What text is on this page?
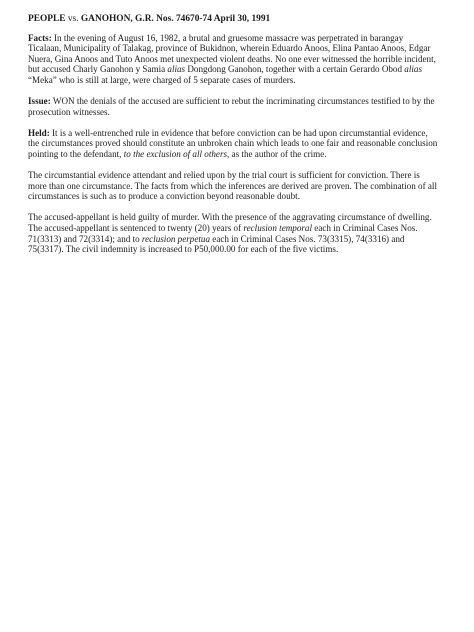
PEOPLE vs. GANOHON, G.R. Nos. 74670-74 April 30, 1991

Facts: In the evening of August 16, 1982, a brutal and gruesome massacre was perpetrated in barangay Ticalaan, Municipality of Talakag, province of Bukidnon, wherein Eduardo Anoos, Elina Pantao Anoos, Edgar Nuera, Gina Anoos and Tuto Anoos met unexpected violent deaths. No one ever witnessed the horrible incident, but accused Charly Ganohon y Samia alias Dongdong Ganohon, together with a certain Gerardo Obod alias “Meka” who is still at large, were charged of 5 separate cases of murders.

Issue: WON the denials of the accused are sufficient to rebut the incriminating circumstances testified to by the prosecution witnesses.

Held: It is a well-entrenched rule in evidence that before conviction can be had upon circumstantial evidence, the circumstances proved should constitute an unbroken chain which leads to one fair and reasonable conclusion pointing to the defendant, to the exclusion of all others, as the author of the crime.

The circumstantial evidence attendant and relied upon by the trial court is sufficient for conviction. There is more than one circumstance. The facts from which the inferences are derived are proven. The combination of all circumstances is such as to produce a conviction beyond reasonable doubt.

The accused-appellant is held guilty of murder. With the presence of the aggravating circumstance of dwelling. The accused-appellant is sentenced to twenty (20) years of reclusion temporal each in Criminal Cases Nos. 71(3313) and 72(3314); and to reclusion perpetua each in Criminal Cases Nos. 73(3315), 74(3316) and 75(3317). The civil indemnity is increased to P50,000.00 for each of the five victims.
